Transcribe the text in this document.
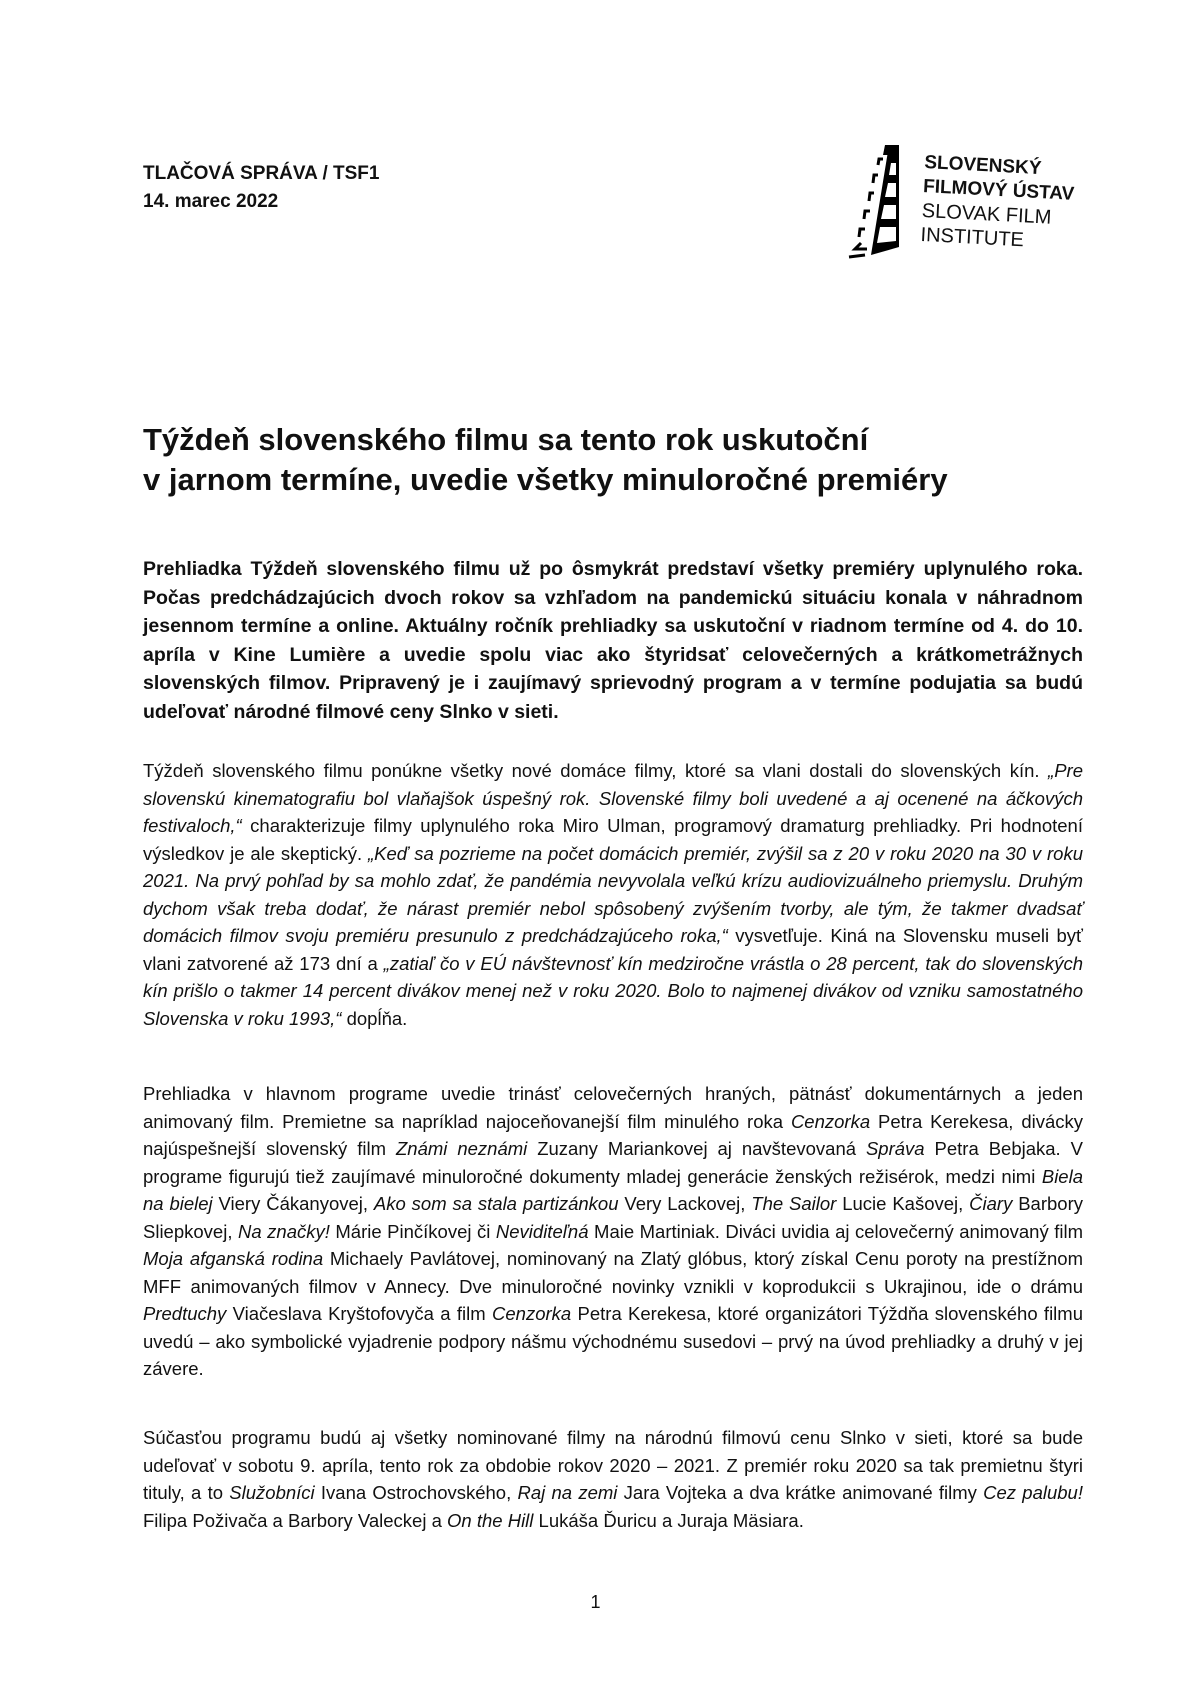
TLAČOVÁ SPRÁVA / TSF1
14. marec 2022
SLOVENSKÝ
FILMOVÝ ÚSTAV
SLOVAK FILM
INSTITUTE
Týždeň slovenského filmu sa tento rok uskutoční
v jarnom termíne, uvedie všetky minuloročné premiéry

Prehliadka Týždeň slovenského filmu už po ôsmykrát predstaví všetky premiéry uplynulého roka. Počas predchádzajúcich dvoch rokov sa vzhľadom na pandemickú situáciu konala v náhradnom jesennom termíne a online. Aktuálny ročník prehliadky sa uskutoční v riadnom termíne od 4. do 10. apríla v Kine Lumière a uvedie spolu viac ako štyridsať celovečerných a krátkometrážnych slovenských filmov. Pripravený je i zaujímavý sprievodný program a v termíne podujatia sa budú udeľovať národné filmové ceny Slnko v sieti.

Týždeň slovenského filmu ponúkne všetky nové domáce filmy, ktoré sa vlani dostali do slovenských kín. „Pre slovenskú kinematografiu bol vlaňajšok úspešný rok. Slovenské filmy boli uvedené a aj ocenené na áčkových festivaloch,“ charakterizuje filmy uplynulého roka Miro Ulman, programový dramaturg prehliadky. Pri hodnotení výsledkov je ale skeptický. „Keď sa pozrieme na počet domácich premiér, zvýšil sa z 20 v roku 2020 na 30 v roku 2021. Na prvý pohľad by sa mohlo zdať, že pandémia nevyvolala veľkú krízu audiovizuálneho priemyslu. Druhým dychom však treba dodať, že nárast premiér nebol spôsobený zvýšením tvorby, ale tým, že takmer dvadsať domácich filmov svoju premiéru presunulo z predchádzajúceho roka,“ vysvetľuje. Kiná na Slovensku museli byť vlani zatvorené až 173 dní a „zatiaľ čo v EÚ návštevnosť kín medziročne vrástla o 28 percent, tak do slovenských kín prišlo o takmer 14 percent divákov menej než v roku 2020. Bolo to najmenej divákov od vzniku samostatného Slovenska v roku 1993,“ dopĺňa.

Prehliadka v hlavnom programe uvedie trinásť celovečerných hraných, pätnásť dokumentárnych a jeden animovaný film. Premietne sa napríklad najoceňovanejší film minulého roka Cenzorka Petra Kerekesa, divácky najúspešnejší slovenský film Známi neznámi Zuzany Mariankovej aj navštevovaná Správa Petra Bebjaka. V programe figurujú tiež zaujímavé minuloročné dokumenty mladej generácie ženských režisérok, medzi nimi Biela na bielej Viery Čákanyovej, Ako som sa stala partizánkou Very Lackovej, The Sailor Lucie Kašovej, Čiary Barbory Sliepkovej, Na značky! Márie Pinčíkovej či Neviditeľná Maie Martiniak. Diváci uvidia aj celovečerný animovaný film Moja afganská rodina Michaely Pavlátovej, nominovaný na Zlatý glóbus, ktorý získal Cenu poroty na prestížnom MFF animovaných filmov v Annecy. Dve minuloročné novinky vznikli v koprodukcii s Ukrajinou, ide o drámu Predtuchy Viačeslava Kryštofovyča a film Cenzorka Petra Kerekesa, ktoré organizátori Týždňa slovenského filmu uvedú – ako symbolické vyjadrenie podpory nášmu východnému susedovi – prvý na úvod prehliadky a druhý v jej závere.

Súčasťou programu budú aj všetky nominované filmy na národnú filmovú cenu Slnko v sieti, ktoré sa bude udeľovať v sobotu 9. apríla, tento rok za obdobie rokov 2020 – 2021. Z premiér roku 2020 sa tak premietnu štyri tituly, a to Služobníci Ivana Ostrochovského, Raj na zemi Jara Vojteka a dva krátke animované filmy Cez palubu! Filipa Poživača a Barbory Valeckej a On the Hill Lukáša Ďuricu a Juraja Mäsiara.

1
